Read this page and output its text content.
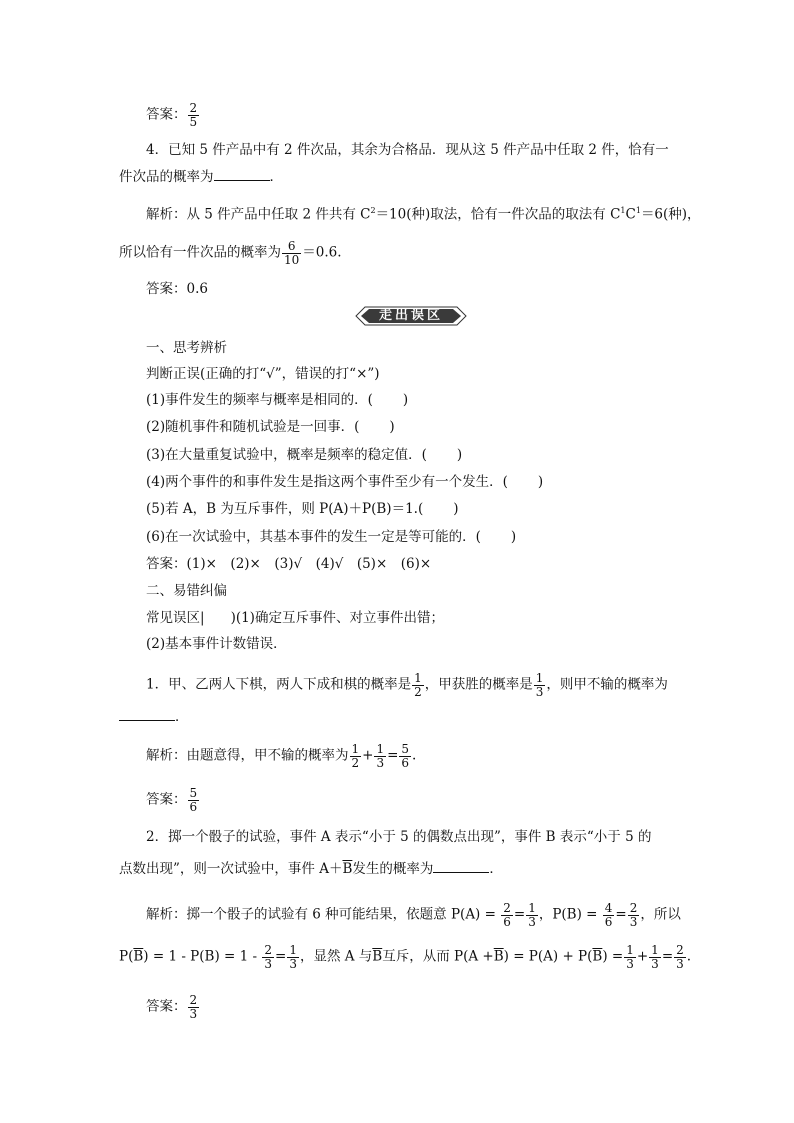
答案： $\frac{2}{5}$
4．已知 5 件产品中有 2 件次品，其余为合格品．现从这 5 件产品中任取 2 件，恰有一
件次品的概率为	．
解析：从 5 件产品中任取 2 件共有 $C^2=10$(种)取法，恰有一件次品的取法有 $C^1C^1=6$(种)，
所以恰有一件次品的概率为 $\frac{6}{10} =0.6$.
答案：0.6
走出误区
一、思考辨析
判断正误(正确的打“√”，错误的打“×”)
(1)事件发生的频率与概率是相同的．( )
(2)随机事件和随机试验是一回事．( )
(3)在大量重复试验中，概率是频率的稳定值．( )
(4)两个事件的和事件发生是指这两个事件至少有一个发生．( )
(5)若 A，B 为互斥事件，则 P(A)＋P(B)＝1.( )
(6)在一次试验中，其基本事件的发生一定是等可能的．( )
答案：(1)×　(2)×　(3)√　(4)√　(5)×　(6)×
二、易错纠偏
常见误区| )(1)确定互斥事件、对立事件出错；
(2)基本事件计数错误．
1．甲、乙两人下棋，两人下成和棋的概率是 $\frac{1}{2}$ ，甲获胜的概率是 $\frac{1}{3}$ ，则甲不输的概率为
．
解析：由题意得，甲不输的概率为 $\frac{1}{2} + \frac{1}{3} = \frac{5}{6}$ .
答案： $\frac{5}{6}$
2．掷一个骰子的试验，事件 A 表示“小于 5 的偶数点出现”，事件 B 表示“小于 5 的
点数出现”，则一次试验中，事件 $A+\overline{B}$发生的概率为	．
解析：掷一个骰子的试验有 6 种可能结果，依题意 $P(A) = \frac{2}{6} = \frac{1}{3}$ ，$P(B) = \frac{4}{6} = \frac{2}{3}$ ，所以
$P(\overline{B}) = 1 - P(B) = 1 - \frac{2}{3} = \frac{1}{3}$ ，显然 A 与$\overline{B}$互斥，从而 $P(A +\overline{B}) = P(A) + P(\overline{B}) = \frac{1}{3} + \frac{1}{3} = \frac{2}{3}$ .
答案： $\frac{2}{3}$
